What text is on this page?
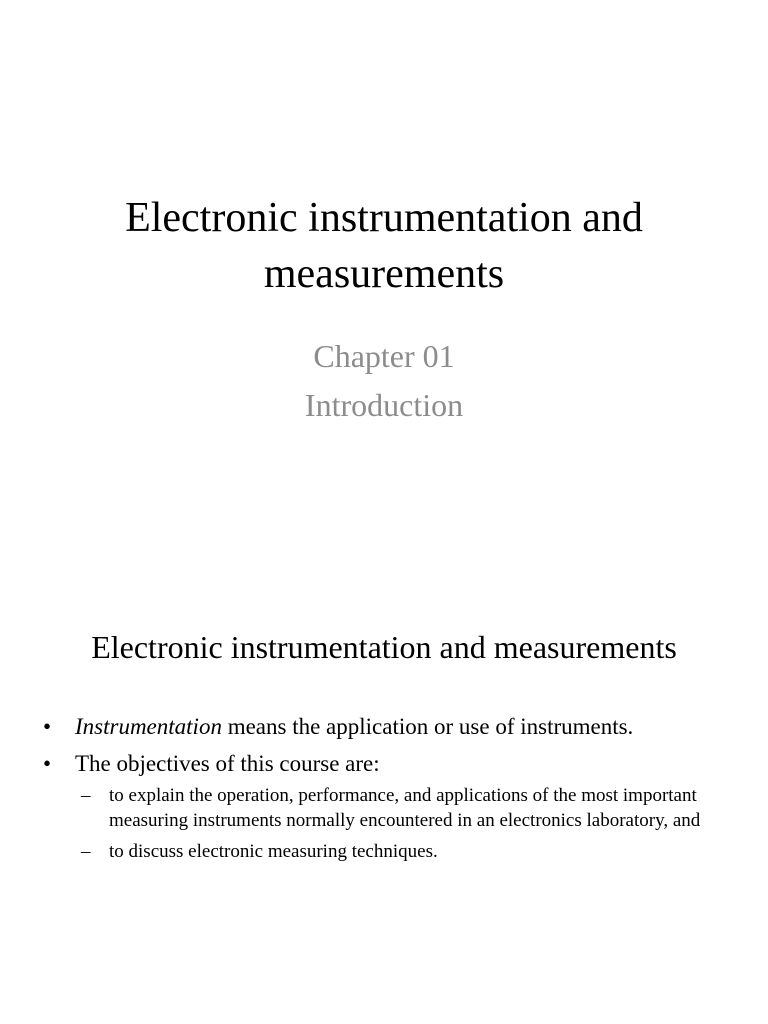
Electronic instrumentation and
measurements
Chapter 01
Introduction
Electronic instrumentation and measurements
• Instrumentation means the application or use of instruments.
• The objectives of this course are:
– to explain the operation, performance, and applications of the most important measuring instruments normally encountered in an electronics laboratory, and
– to discuss electronic measuring techniques.
